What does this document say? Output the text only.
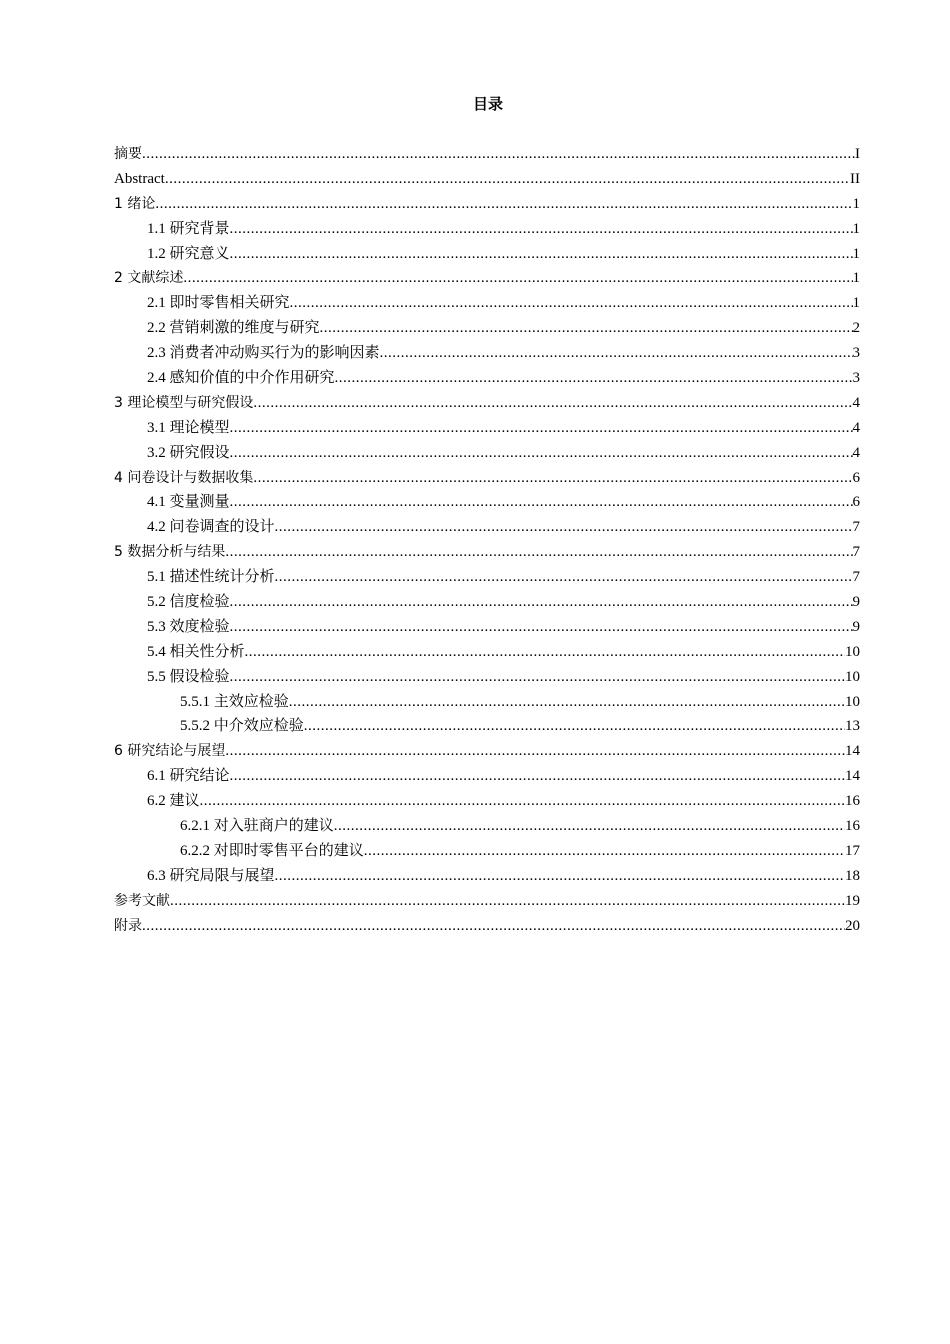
目录
摘要 .....	I
Abstract .....	II
1 绪论 .....	1
1.1 研究背景 .....	1
1.2 研究意义 .....	1
2 文献综述 .....	1
2.1 即时零售相关研究 .....	1
2.2 营销刺激的维度与研究 .....	2
2.3 消费者冲动购买行为的影响因素 .....	3
2.4 感知价值的中介作用研究 .....	3
3 理论模型与研究假设 .....	4
3.1 理论模型 .....	4
3.2 研究假设 .....	4
4 问卷设计与数据收集 .....	6
4.1 变量测量 .....	6
4.2 问卷调查的设计 .....	7
5 数据分析与结果 .....	7
5.1 描述性统计分析 .....	7
5.2 信度检验 .....	9
5.3 效度检验 .....	9
5.4 相关性分析 .....	10
5.5 假设检验 .....	10
5.5.1 主效应检验 .....	10
5.5.2 中介效应检验 .....	13
6 研究结论与展望 .....	14
6.1 研究结论 .....	14
6.2 建议 .....	16
6.2.1 对入驻商户的建议 .....	16
6.2.2 对即时零售平台的建议 .....	17
6.3 研究局限与展望 .....	18
参考文献 .....	19
附录 .....	20
